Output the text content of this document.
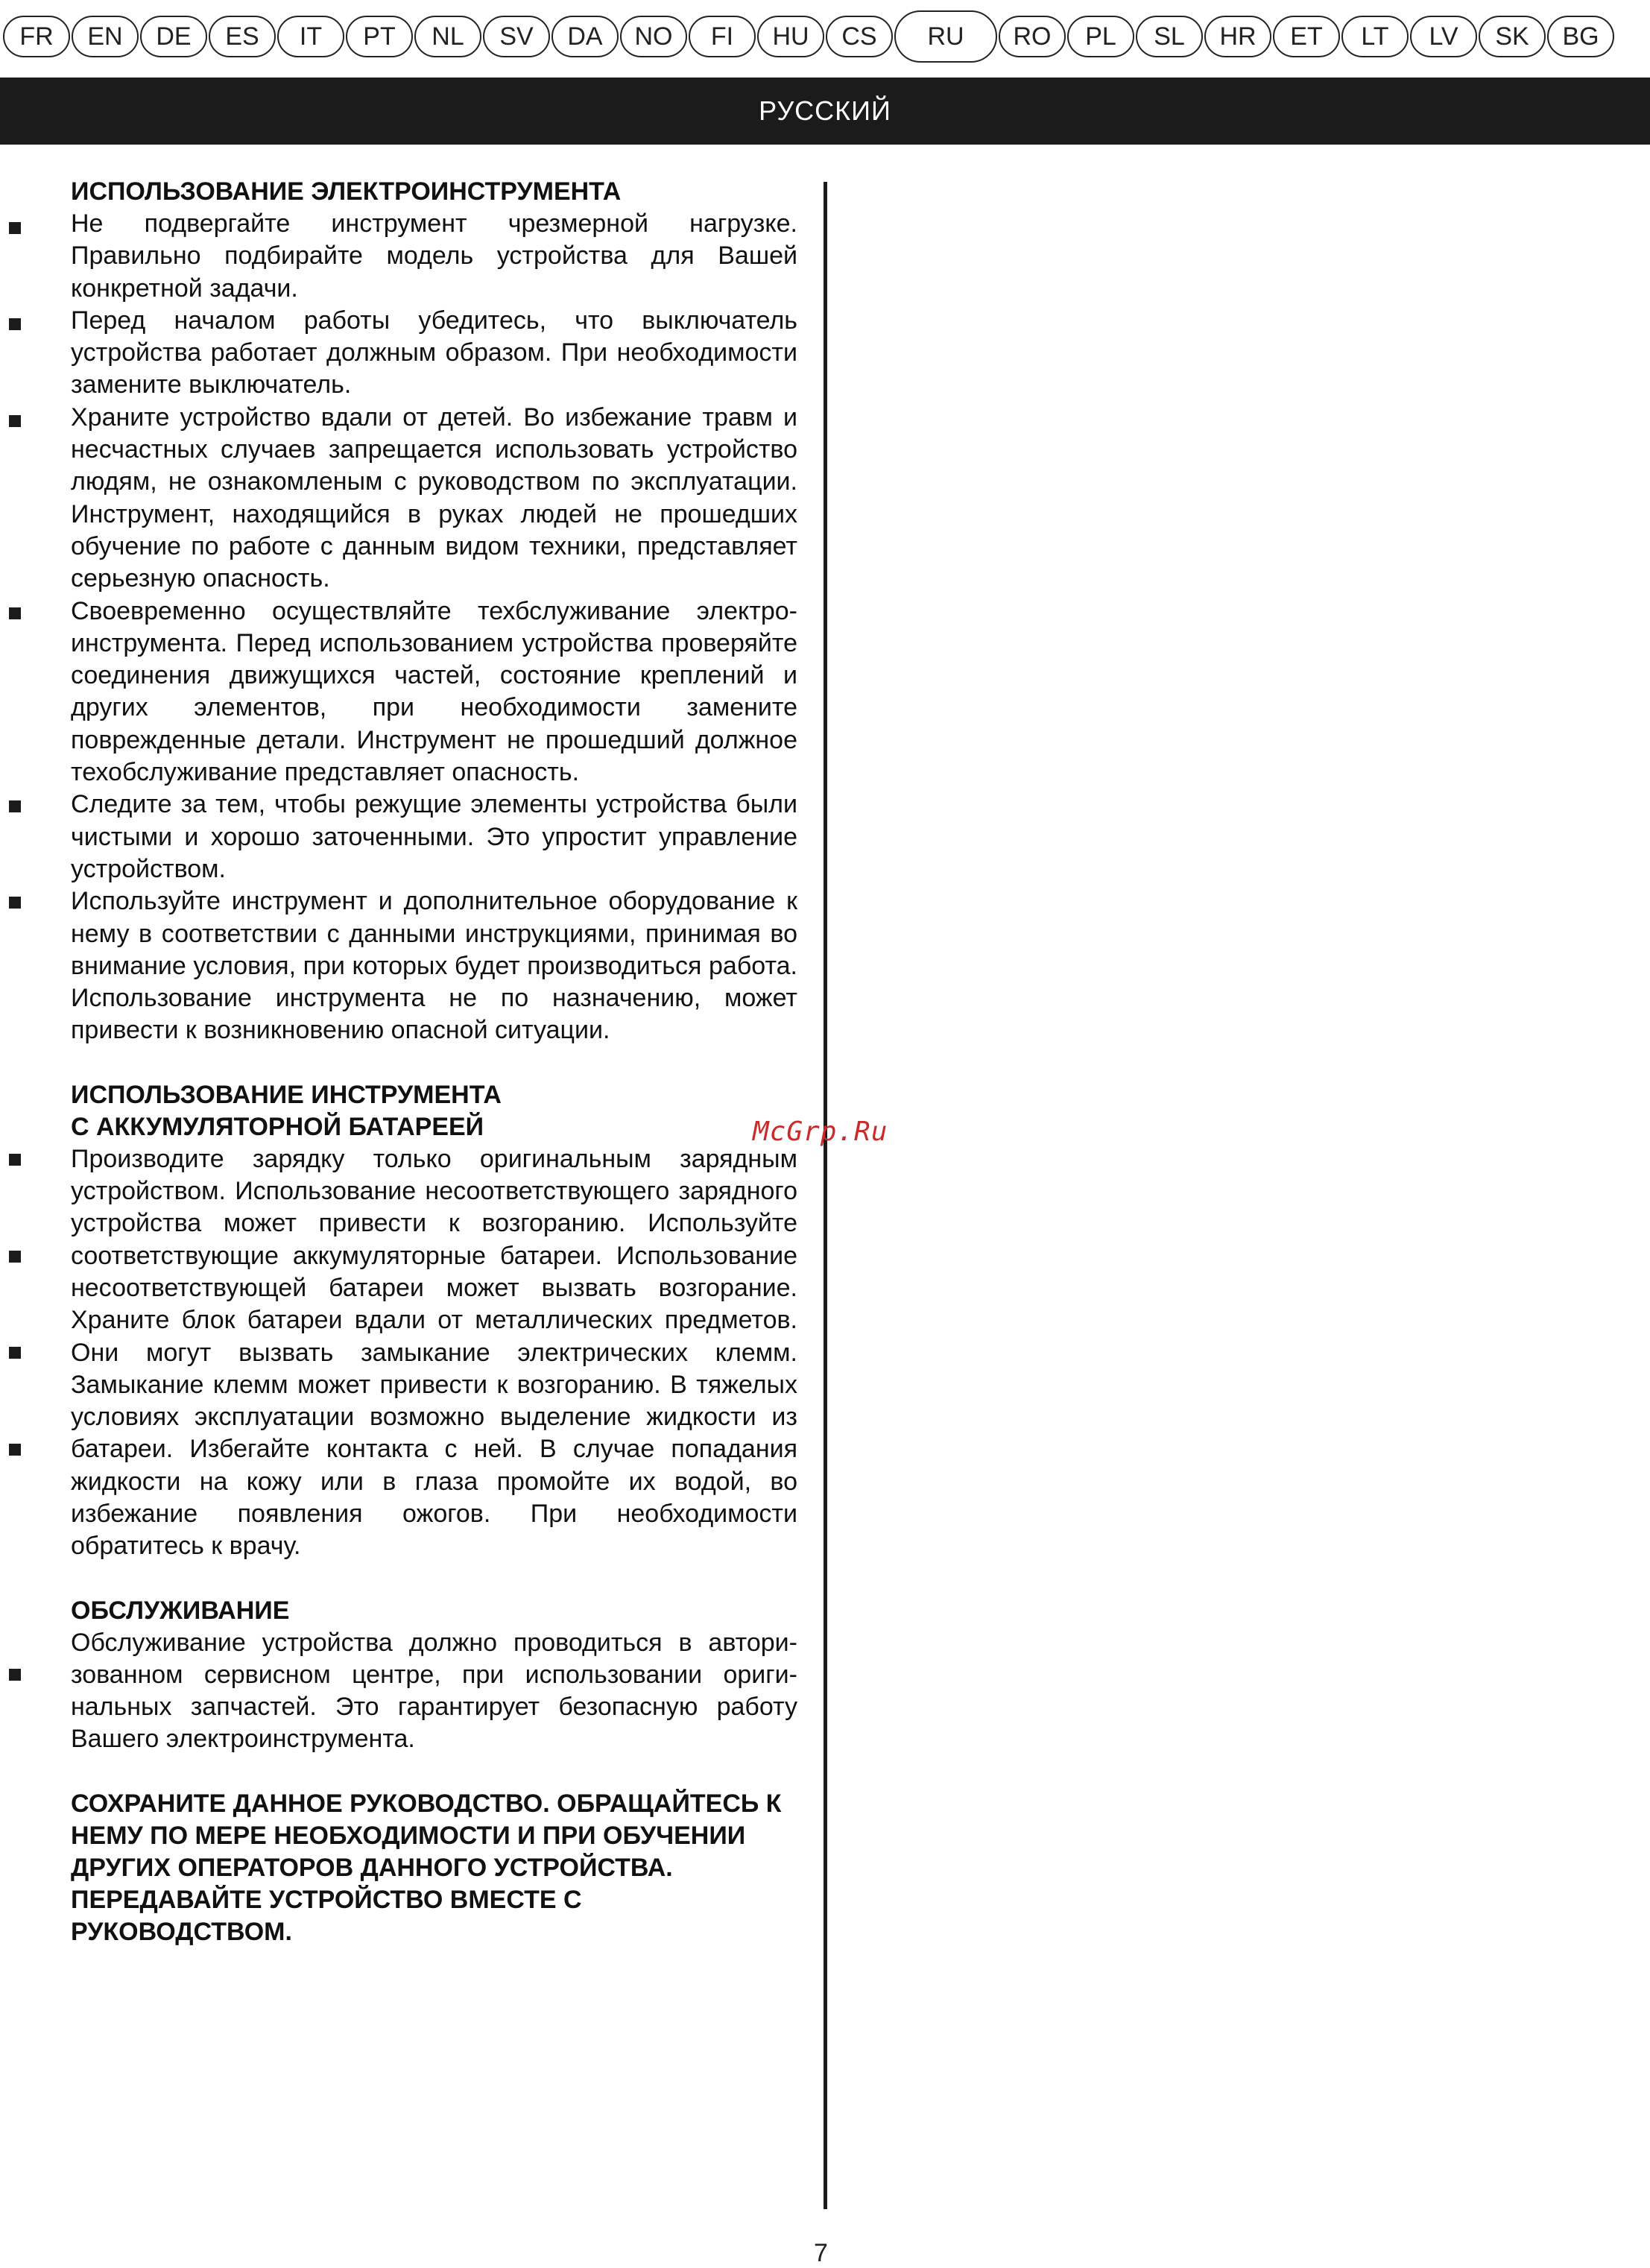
FR	EN	DE	ES	IT	PT	NL	SV	DA	NO	FI	HU	CS	RU	RO	PL	SL	HR	ET	LT	LV	SK	BG
РУССКИЙ

ИСПОЛЬЗОВАНИЕ ЭЛЕКТРОИНСТРУМЕНТА

Не подвергайте инструмент чрезмерной нагрузке. Правильно подбирайте модель устройства для Вашей конкретной задачи.

Перед началом работы убедитесь, что выключатель устройства работает должным образом. При необходимости замените выключатель.

Храните устройство вдали от детей. Во избежание травм и несчастных случаев запрещается использовать устройство людям, не ознакомленым с руководством по эксплуатации. Инструмент, находящийся в руках людей не прошедших обучение по работе с данным видом техники, представляет серьезную опасность.

Своевременно осуществляйте техбслуживание электроинструмента. Перед использованием устройства проверяйте соединения движущихся частей, состояние креплений и других элементов, при необходимости замените поврежденные детали. Инструмент не прошедший должное техобслуживание представляет опасность.

Следите за тем, чтобы режущие элементы устройства были чистыми и хорошо заточенными. Это упростит управление устройством.

Используйте инструмент и дополнительное оборудование к нему в соответствии с данными инструкциями, принимая во внимание условия, при которых будет производиться работа. Использование инструмента не по назначению, может привести к возникновению опасной ситуации.

ИСПОЛЬЗОВАНИЕ ИНСТРУМЕНТА

С АККУМУЛЯТОРНОЙ БАТАРЕЕЙ

Производите зарядку только оригинальным зарядным устройством. Использование несоответствующего зарядного устройства может привести к возгоранию. Используйте соответствующие аккумуляторные батареи. Использование несоответствующей батареи может вызвать возгорание. Храните блок батареи вдали от металлических предметов. Они могут вызвать замыкание электрических клемм. Замыкание клемм может привести к возгоранию. В тяжелых условиях эксплуатации возможно выделение жидкости из батареи. Избегайте контакта с ней. В случае попадания жидкости на кожу или в глаза промойте их водой, во избежание появления ожогов. При необходимости обратитесь к врачу.

ОБСЛУЖИВАНИЕ

Обслуживание устройства должно проводиться в авторизованном сервисном центре, при использовании оригинальных запчастей. Это гарантирует безопасную работу Вашего электроинструмента.

СОХРАНИТЕ ДАННОЕ РУКОВОДСТВО. ОБРАЩАЙТЕСЬ К НЕМУ ПО МЕРЕ НЕОБХОДИМОСТИ И ПРИ ОБУЧЕНИИ ДРУГИХ ОПЕРАТОРОВ ДАННОГО УСТРОЙСТВА. ПЕРЕДАВАЙТЕ УСТРОЙСТВО ВМЕСТЕ С РУКОВОДСТВОМ.

McGrp.Ru
7
